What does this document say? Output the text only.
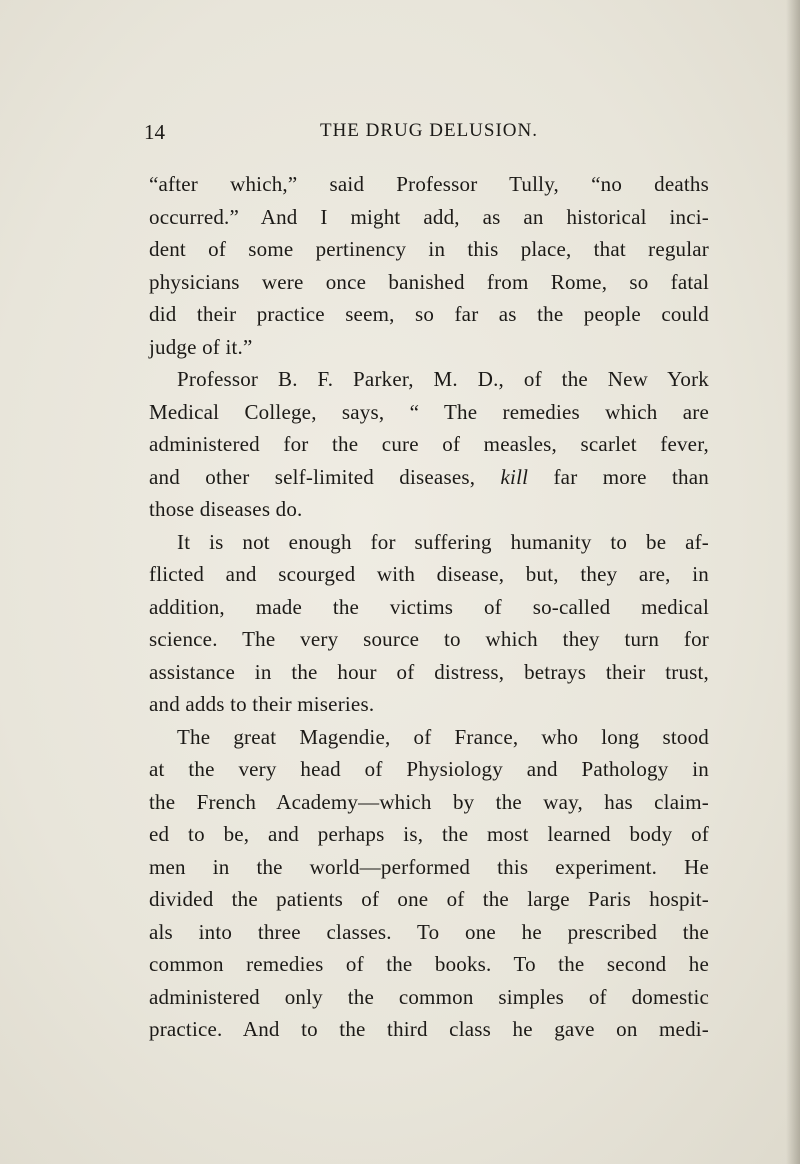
14	THE DRUG DELUSION.
“after which,” said Professor Tully, “no deaths
occurred.” And I might add, as an historical inci-
dent of some pertinency in this place, that regular
physicians were once banished from Rome, so fatal
did their practice seem, so far as the people could
judge of it.”
Professor B. F. Parker, M. D., of the New York
Medical College, says, “ The remedies which are
administered for the cure of measles, scarlet fever,
and other self-limited diseases, kill far more than
those diseases do.
It is not enough for suffering humanity to be af-
flicted and scourged with disease, but, they are, in
addition, made the victims of so-called medical
science. The very source to which they turn for
assistance in the hour of distress, betrays their trust,
and adds to their miseries.
The great Magendie, of France, who long stood
at the very head of Physiology and Pathology in
the French Academy—which by the way, has claim-
ed to be, and perhaps is, the most learned body of
men in the world—performed this experiment. He
divided the patients of one of the large Paris hospit-
als into three classes. To one he prescribed the
common remedies of the books. To the second he
administered only the common simples of domestic
practice. And to the third class he gave on medi-
